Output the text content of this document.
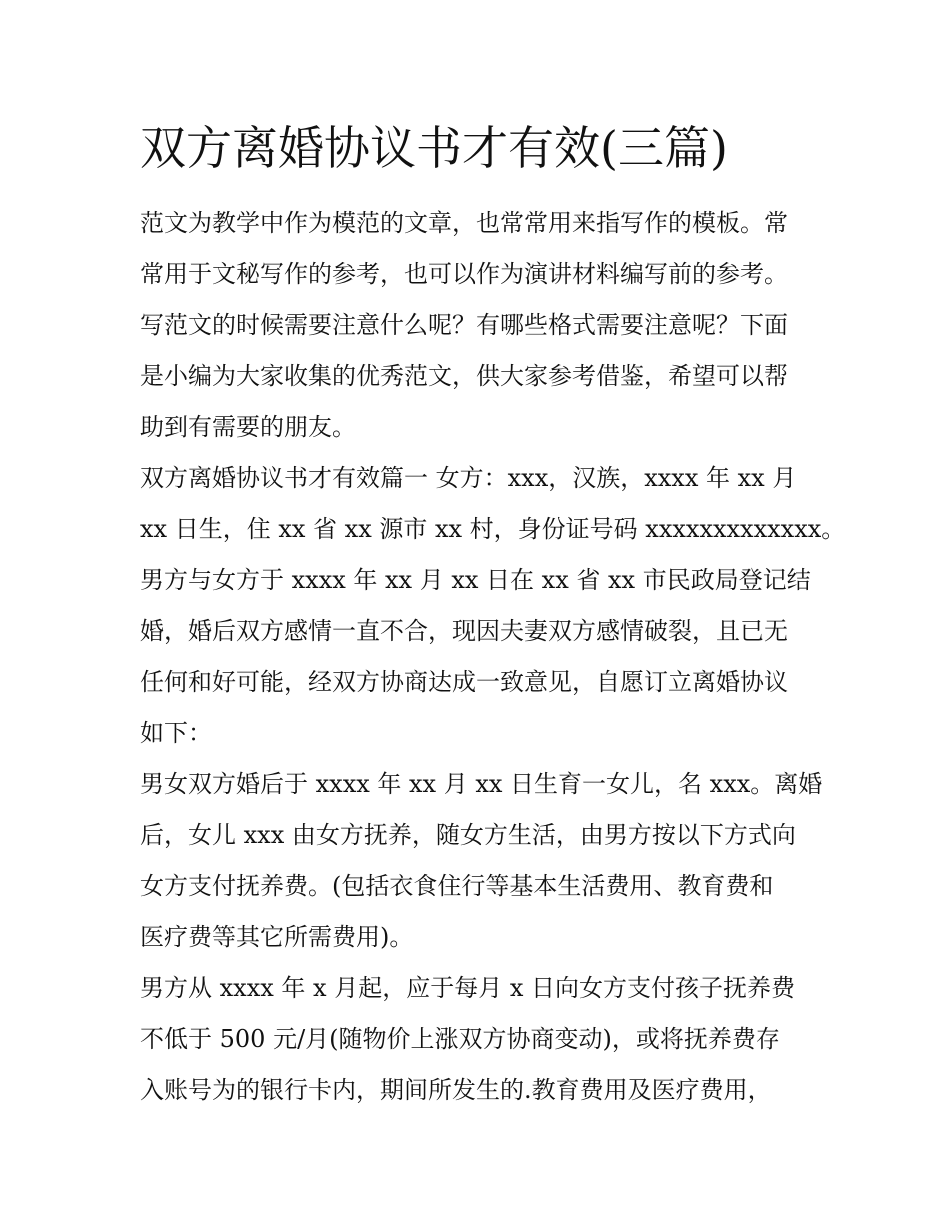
双方离婚协议书才有效(三篇)

范文为教学中作为模范的文章，也常常用来指写作的模板。常

常用于文秘写作的参考，也可以作为演讲材料编写前的参考。

写范文的时候需要注意什么呢？有哪些格式需要注意呢？下面

是小编为大家收集的优秀范文，供大家参考借鉴，希望可以帮

助到有需要的朋友。

双方离婚协议书才有效篇一 女方：xxx，汉族，xxxx 年 xx 月

xx 日生，住 xx 省 xx 源市 xx 村，身份证号码 xxxxxxxxxxxxx。

男方与女方于 xxxx 年 xx 月 xx 日在 xx 省 xx 市民政局登记结

婚，婚后双方感情一直不合，现因夫妻双方感情破裂，且已无

任何和好可能，经双方协商达成一致意见，自愿订立离婚协议

如下：

男女双方婚后于 xxxx 年 xx 月 xx 日生育一女儿，名 xxx。离婚

后，女儿 xxx 由女方抚养，随女方生活，由男方按以下方式向

女方支付抚养费。(包括衣食住行等基本生活费用、教育费和

医疗费等其它所需费用)。

男方从 xxxx 年 x 月起，应于每月 x 日向女方支付孩子抚养费

不低于 500 元/月(随物价上涨双方协商变动)，或将抚养费存

入账号为的银行卡内，期间所发生的.教育费用及医疗费用，
